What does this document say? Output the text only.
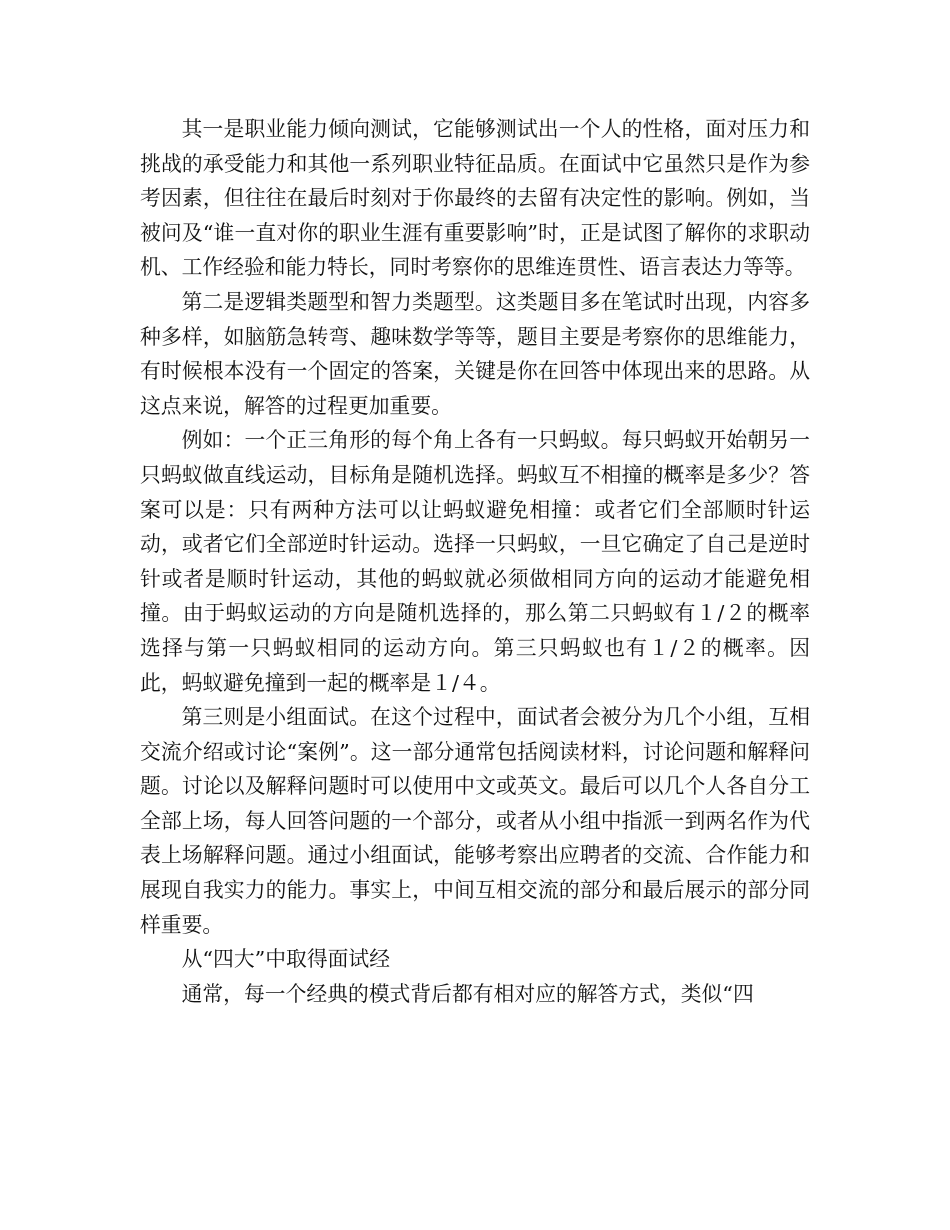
其一是职业能力倾向测试，它能够测试出一个人的性格，面对压力和挑战的承受能力和其他一系列职业特征品质。在面试中它虽然只是作为参考因素，但往往在最后时刻对于你最终的去留有决定性的影响。例如，当被问及“谁一直对你的职业生涯有重要影响”时，正是试图了解你的求职动机、工作经验和能力特长，同时考察你的思维连贯性、语言表达力等等。

第二是逻辑类题型和智力类题型。这类题目多在笔试时出现，内容多种多样，如脑筋急转弯、趣味数学等等，题目主要是考察你的思维能力，有时候根本没有一个固定的答案，关键是你在回答中体现出来的思路。从这点来说，解答的过程更加重要。

例如：一个正三角形的每个角上各有一只蚂蚁。每只蚂蚁开始朝另一只蚂蚁做直线运动，目标角是随机选择。蚂蚁互不相撞的概率是多少？答案可以是：只有两种方法可以让蚂蚁避免相撞：或者它们全部顺时针运动，或者它们全部逆时针运动。选择一只蚂蚁，一旦它确定了自己是逆时针或者是顺时针运动，其他的蚂蚁就必须做相同方向的运动才能避免相撞。由于蚂蚁运动的方向是随机选择的，那么第二只蚂蚁有１/２的概率选择与第一只蚂蚁相同的运动方向。第三只蚂蚁也有１/２的概率。因此，蚂蚁避免撞到一起的概率是１/４。

第三则是小组面试。在这个过程中，面试者会被分为几个小组，互相交流介绍或讨论“案例”。这一部分通常包括阅读材料，讨论问题和解释问题。讨论以及解释问题时可以使用中文或英文。最后可以几个人各自分工全部上场，每人回答问题的一个部分，或者从小组中指派一到两名作为代表上场解释问题。通过小组面试，能够考察出应聘者的交流、合作能力和展现自我实力的能力。事实上，中间互相交流的部分和最后展示的部分同样重要。

从“四大”中取得面试经

通常，每一个经典的模式背后都有相对应的解答方式，类似“四
